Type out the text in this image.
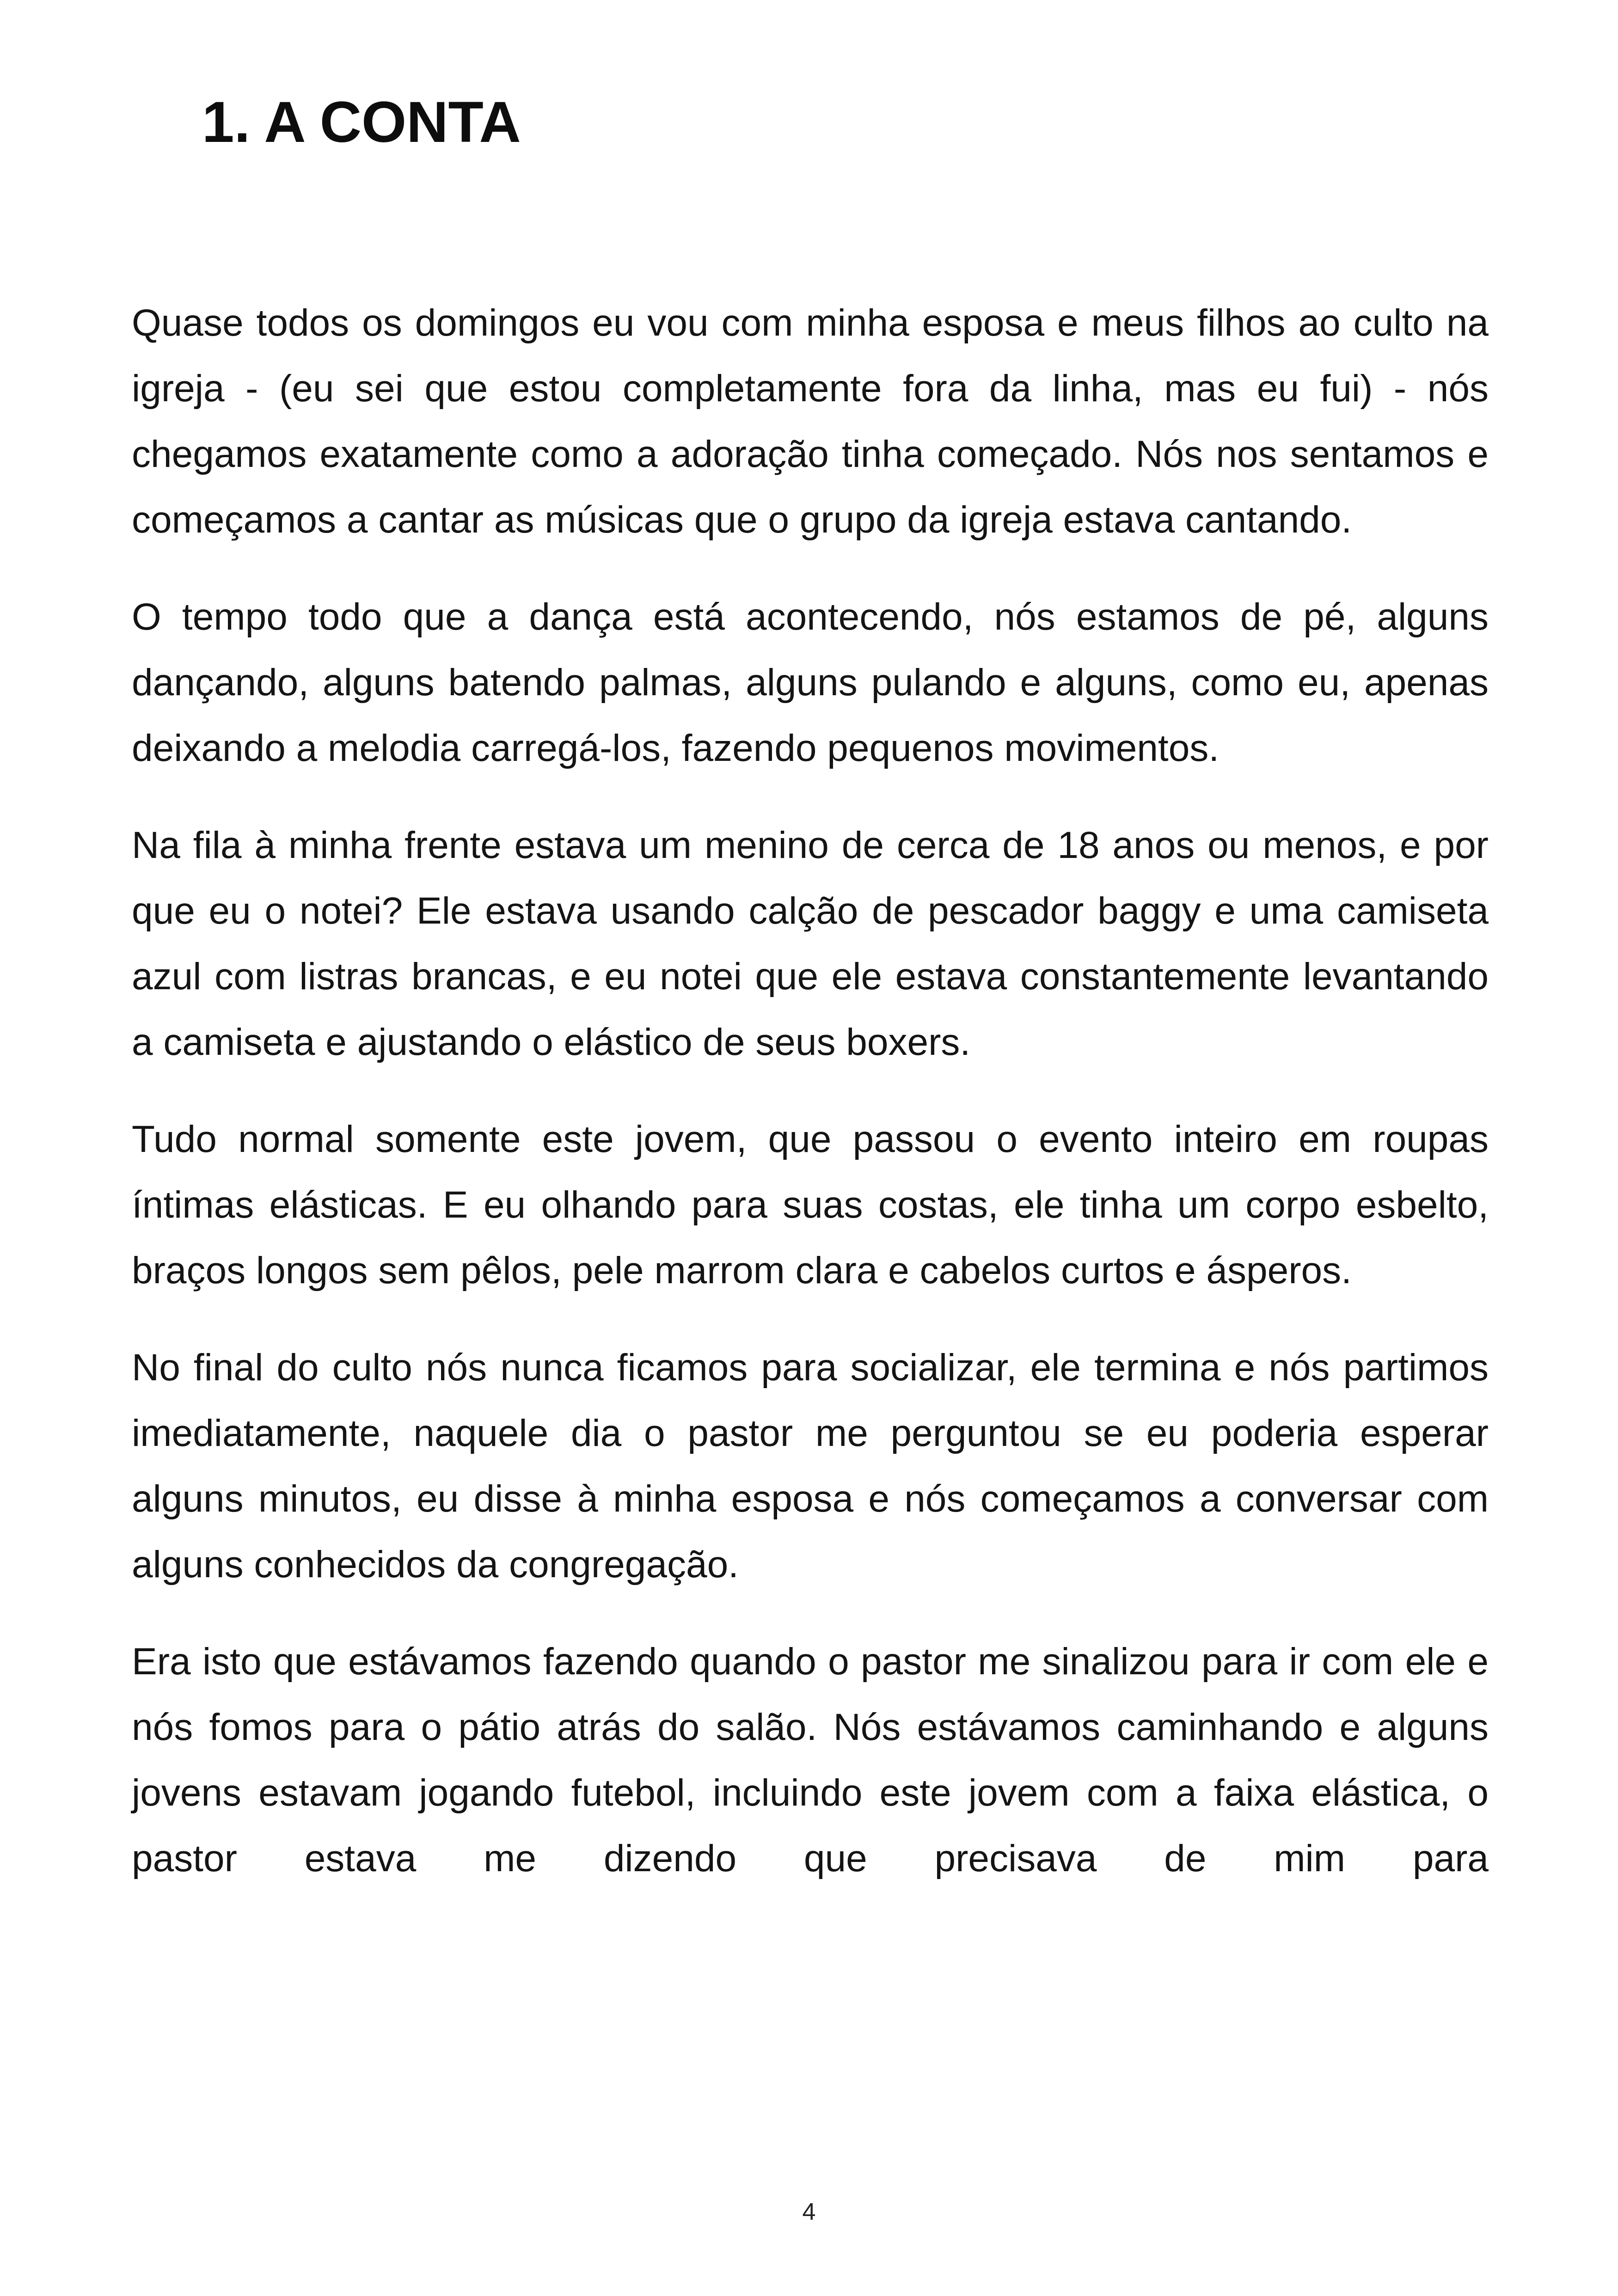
1. A CONTA

Quase todos os domingos eu vou com minha esposa e meus filhos ao culto na igreja - (eu sei que estou completamente fora da linha, mas eu fui) - nós chegamos exatamente como a adoração tinha começado. Nós nos sentamos e começamos a cantar as músicas que o grupo da igreja estava cantando.

O tempo todo que a dança está acontecendo, nós estamos de pé, alguns dançando, alguns batendo palmas, alguns pulando e alguns, como eu, apenas deixando a melodia carregá-los, fazendo pequenos movimentos.

Na fila à minha frente estava um menino de cerca de 18 anos ou menos, e por que eu o notei? Ele estava usando calção de pescador baggy e uma camiseta azul com listras brancas, e eu notei que ele estava constantemente levantando a camiseta e ajustando o elástico de seus boxers.

Tudo normal somente este jovem, que passou o evento inteiro em roupas íntimas elásticas. E eu olhando para suas costas, ele tinha um corpo esbelto, braços longos sem pêlos, pele marrom clara e cabelos curtos e ásperos.

No final do culto nós nunca ficamos para socializar, ele termina e nós partimos imediatamente, naquele dia o pastor me perguntou se eu poderia esperar alguns minutos, eu disse à minha esposa e nós começamos a conversar com alguns conhecidos da congregação.

Era isto que estávamos fazendo quando o pastor me sinalizou para ir com ele e nós fomos para o pátio atrás do salão. Nós estávamos caminhando e alguns jovens estavam jogando futebol, incluindo este jovem com a faixa elástica, o pastor estava me dizendo que precisava de mim para

4
